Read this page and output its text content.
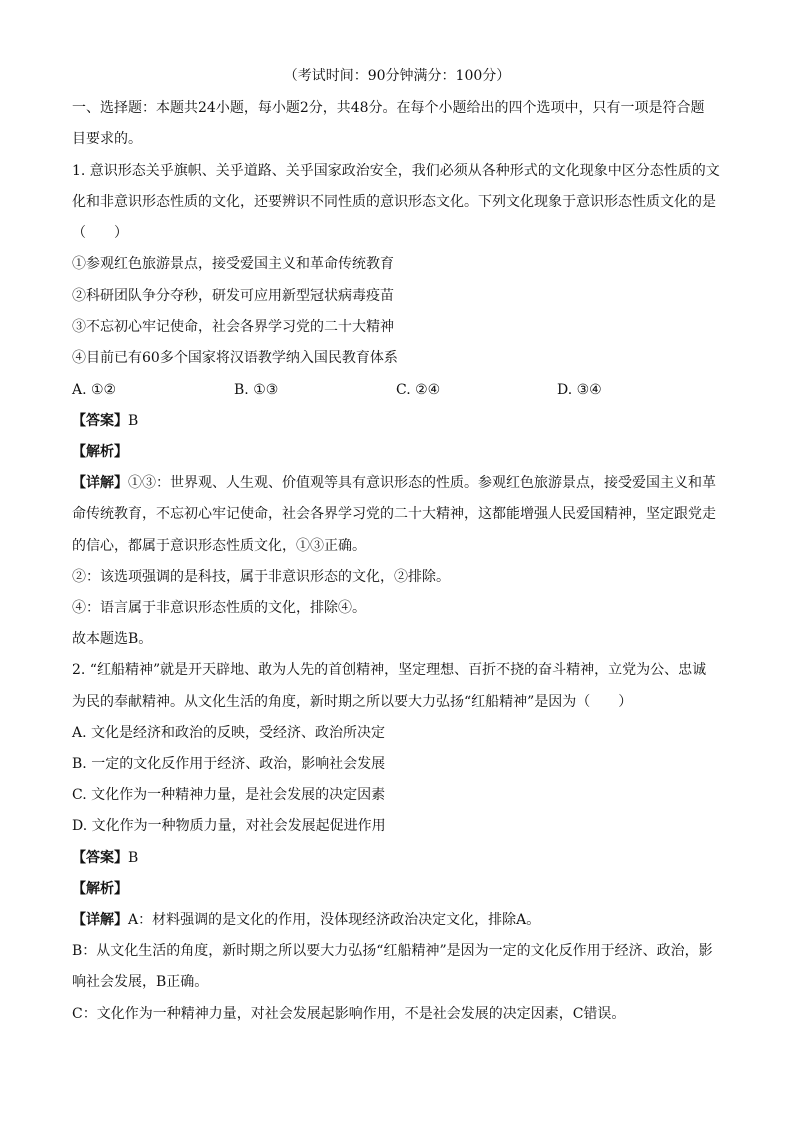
（考试时间：90分钟满分：100分）
一、选择题：本题共24小题，每小题2分，共48分。在每个小题给出的四个选项中，只有一项是符合题
目要求的。
1. 意识形态关乎旗帜、关乎道路、关乎国家政治安全，我们必须从各种形式的文化现象中区分态性质的文
化和非意识形态性质的文化，还要辨识不同性质的意识形态文化。下列文化现象于意识形态性质文化的是
（　　）
①参观红色旅游景点，接受爱国主义和革命传统教育
②科研团队争分夺秒，研发可应用新型冠状病毒疫苗
③不忘初心牢记使命，社会各界学习党的二十大精神
④目前已有60多个国家将汉语教学纳入国民教育体系
A. ①②	B. ①③	C. ②④	D. ③④
【答案】B
【解析】
【详解】①③：世界观、人生观、价值观等具有意识形态的性质。参观红色旅游景点，接受爱国主义和革
命传统教育，不忘初心牢记使命，社会各界学习党的二十大精神，这都能增强人民爱国精神，坚定跟党走
的信心，都属于意识形态性质文化，①③正确。
②：该选项强调的是科技，属于非意识形态的文化，②排除。
④：语言属于非意识形态性质的文化，排除④。
故本题选B。
2. “红船精神”就是开天辟地、敢为人先的首创精神，坚定理想、百折不挠的奋斗精神，立党为公、忠诚
为民的奉献精神。从文化生活的角度，新时期之所以要大力弘扬“红船精神”是因为（　　）
A. 文化是经济和政治的反映，受经济、政治所决定
B. 一定的文化反作用于经济、政治，影响社会发展
C. 文化作为一种精神力量，是社会发展的决定因素
D. 文化作为一种物质力量，对社会发展起促进作用
【答案】B
【解析】
【详解】A：材料强调的是文化的作用，没体现经济政治决定文化，排除A。
B：从文化生活的角度，新时期之所以要大力弘扬“红船精神”是因为一定的文化反作用于经济、政治，影
响社会发展，B正确。
C：文化作为一种精神力量，对社会发展起影响作用，不是社会发展的决定因素，C错误。
